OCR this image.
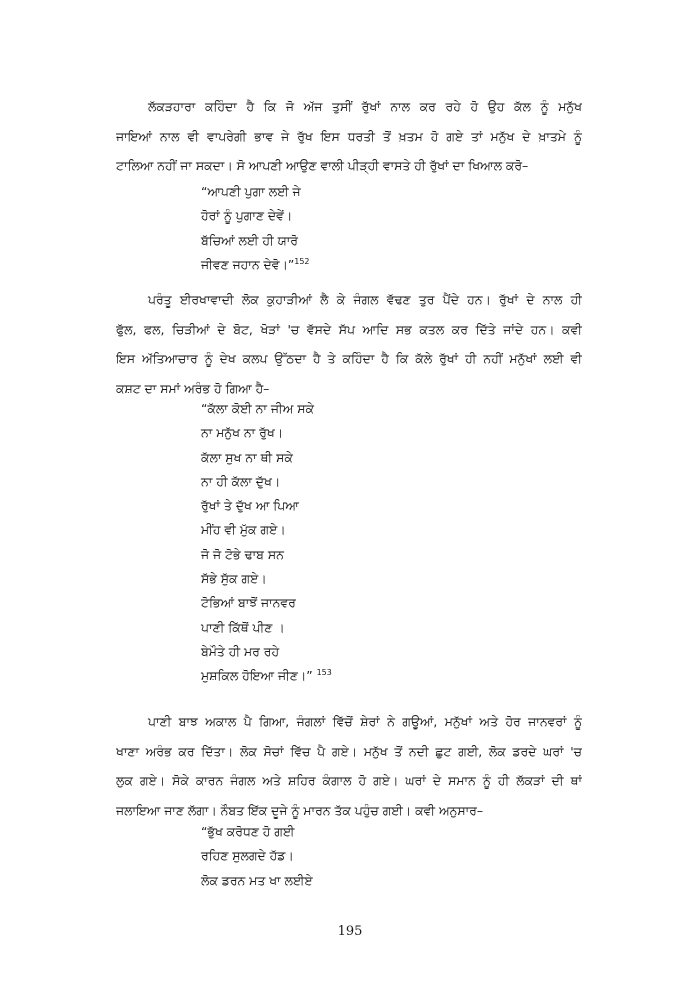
ਲੱਕੜਹਾਰਾ ਕਹਿੰਦਾ ਹੈ ਕਿ ਜੋ ਅੱਜ ਤੁਸੀਂ ਰੁੱਖਾਂ ਨਾਲ ਕਰ ਰਹੇ ਹੋ ਉਹ ਕੱਲ ਨੂੰ ਮਨੁੱਖ
ਜਾਇਆਂ ਨਾਲ ਵੀ ਵਾਪਰੇਗੀ ਭਾਵ ਜੇ ਰੁੱਖ ਇਸ ਧਰਤੀ ਤੋਂ ਖ਼ਤਮ ਹੋ ਗਏ ਤਾਂ ਮਨੁੱਖ ਦੇ ਖ਼ਾਤਮੇ ਨੂੰ
ਟਾਲਿਆ ਨਹੀਂ ਜਾ ਸਕਦਾ। ਸੋ ਆਪਣੀ ਆਉਣ ਵਾਲੀ ਪੀੜ੍ਹੀ ਵਾਸਤੇ ਹੀ ਰੁੱਖਾਂ ਦਾ ਖਿਆਲ ਕਰੋ–
“ਆਪਣੀ ਪੁਗਾ ਲਈ ਜੇ
ਹੋਰਾਂ ਨੂੰ ਪੁਗਾਣ ਦੇਵੇਂ।
ਬੱਚਿਆਂ ਲਈ ਹੀ ਯਾਰੋ
ਜੀਵਣ ਜਹਾਨ ਦੇਵੋ।”$^{152}$
ਪਰੰਤੂ ਈਰਖਾਵਾਦੀ ਲੋਕ ਕੁਹਾੜੀਆਂ ਲੈ ਕੇ ਜੰਗਲ ਵੱਢਣ ਤੁਰ ਪੈਂਦੇ ਹਨ। ਰੁੱਖਾਂ ਦੇ ਨਾਲ ਹੀ
ਫੁੱਲ, ਫਲ, ਚਿੜੀਆਂ ਦੇ ਬੋਟ, ਖੋੜਾਂ 'ਚ ਵੱਸਦੇ ਸੱਪ ਆਦਿ ਸਭ ਕਤਲ ਕਰ ਦਿੱਤੇ ਜਾਂਦੇ ਹਨ। ਕਵੀ
ਇਸ ਅੱਤਿਆਚਾਰ ਨੂੰ ਦੇਖ ਕਲਪ ਉੱਠਦਾ ਹੈ ਤੇ ਕਹਿੰਦਾ ਹੈ ਕਿ ਕੱਲੇ ਰੁੱਖਾਂ ਹੀ ਨਹੀਂ ਮਨੁੱਖਾਂ ਲਈ ਵੀ
ਕਸ਼ਟ ਦਾ ਸਮਾਂ ਅਰੰਭ ਹੋ ਗਿਆ ਹੈ–
“ਕੱਲਾ ਕੋਈ ਨਾ ਜੀਅ ਸਕੇ
ਨਾ ਮਨੁੱਖ ਨਾ ਰੁੱਖ।
ਕੱਲਾ ਸੁਖ ਨਾ ਥੀ ਸਕੇ
ਨਾ ਹੀ ਕੱਲਾ ਦੁੱਖ।
ਰੁੱਖਾਂ ਤੇ ਦੁੱਖ ਆ ਪਿਆ
ਮੀਂਹ ਵੀ ਮੁੱਕ ਗਏ।
ਜੋ ਜੋ ਟੋਭੇ ਢਾਬ ਸਨ
ਸੱਭੇ ਸੁੱਕ ਗਏ।
ਟੋਭਿਆਂ ਬਾਝੋਂ ਜਾਨਵਰ
ਪਾਣੀ ਕਿੱਥੋਂ ਪੀਣ ।
ਬੇਮੌਤੇ ਹੀ ਮਰ ਰਹੇ
ਮੁਸ਼ਕਿਲ ਹੋਇਆ ਜੀਣ।” $^{153}$
ਪਾਣੀ ਬਾਝ ਅਕਾਲ ਪੈ ਗਿਆ, ਜੰਗਲਾਂ ਵਿੱਚੋਂ ਸ਼ੇਰਾਂ ਨੇ ਗਊਆਂ, ਮਨੁੱਖਾਂ ਅਤੇ ਹੋਰ ਜਾਨਵਰਾਂ ਨੂੰ
ਖਾਣਾ ਅਰੰਭ ਕਰ ਦਿੱਤਾ। ਲੋਕ ਸੋਚਾਂ ਵਿੱਚ ਪੈ ਗਏ। ਮਨੁੱਖ ਤੋਂ ਨਦੀ ਛੁਟ ਗਈ, ਲੋਕ ਡਰਦੇ ਘਰਾਂ 'ਚ
ਲੁਕ ਗਏ। ਸੋਕੇ ਕਾਰਨ ਜੰਗਲ ਅਤੇ ਸ਼ਹਿਰ ਕੰਗਾਲ ਹੋ ਗਏ। ਘਰਾਂ ਦੇ ਸਮਾਨ ਨੂੰ ਹੀ ਲੱਕੜਾਂ ਦੀ ਥਾਂ
ਜਲਾਇਆ ਜਾਣ ਲੱਗਾ। ਨੌਬਤ ਇੱਕ ਦੂਜੇ ਨੂੰ ਮਾਰਨ ਤੱਕ ਪਹੁੰਚ ਗਈ। ਕਵੀ ਅਨੁਸਾਰ–
“ਭੁੱਖ ਕਰੋਧਣ ਹੋ ਗਈ
ਰਹਿਣ ਸੁਲਗਦੇ ਹੱਡ।
ਲੋਕ ਡਰਨ ਮਤ ਖਾ ਲਈਏ
195
